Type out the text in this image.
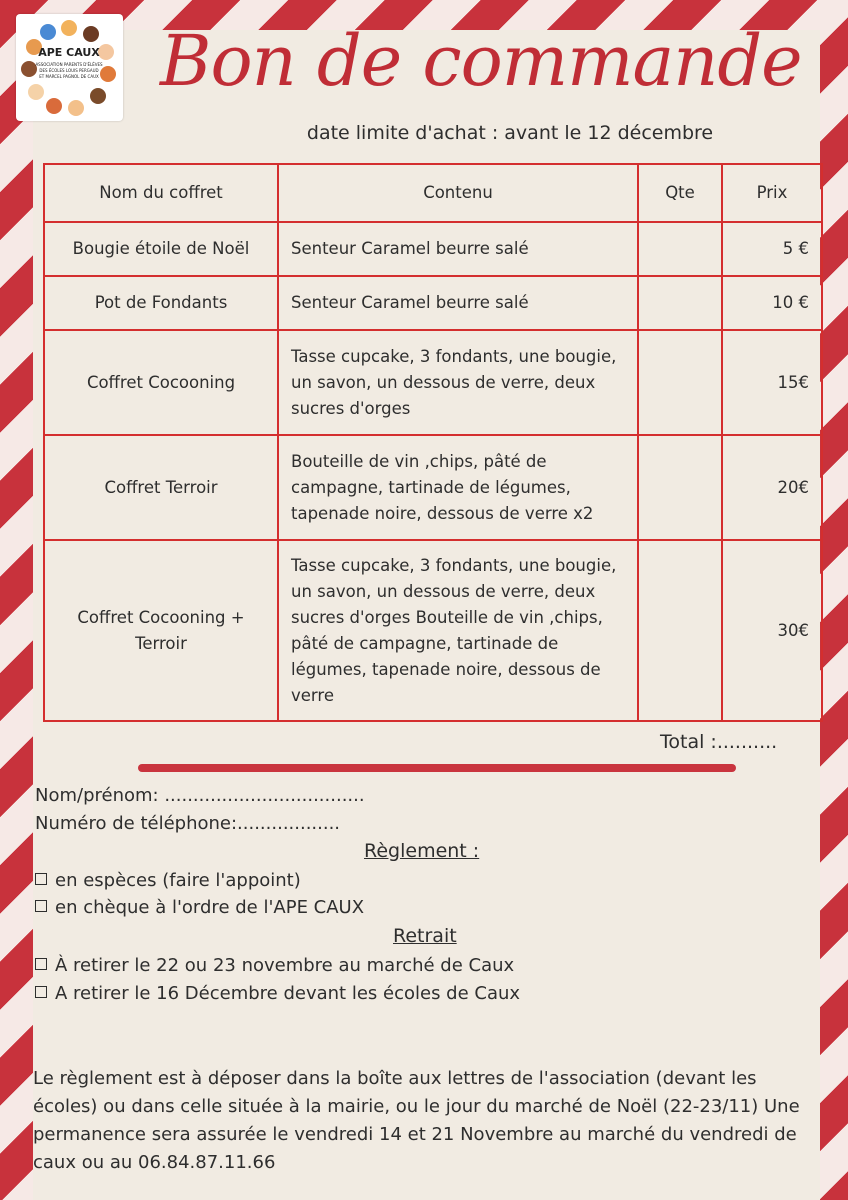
APE CAUX
ASSOCIATION PARENTS D'ÉLÈVES
DES ÉCOLES LOUIS PERGAUD
ET MARCEL PAGNOL DE CAUX Bon de commande
date limite d'achat : avant le 12 décembre
Nom du coffret	Contenu	Qte	Prix
Bougie étoile de Noël	Senteur Caramel beurre salé		5 €
Pot de Fondants	Senteur Caramel beurre salé		10 €
Coffret Cocooning	Tasse cupcake, 3 fondants, une bougie, un savon, un dessous de verre, deux sucres d'orges		15€
Coffret Terroir	Bouteille de vin ,chips, pâté de campagne, tartinade de légumes, tapenade noire, dessous de verre x2		20€
Coffret Cocooning + Terroir	Tasse cupcake, 3 fondants, une bougie, un savon, un dessous de verre, deux sucres d'orges Bouteille de vin ,chips, pâté de campagne, tartinade de légumes, tapenade noire, dessous de verre		30€
Total :..........
Nom/prénom: ...................................
Numéro de téléphone:..................
Règlement :
en espèces (faire l'appoint)
en chèque à l'ordre de l'APE CAUX
Retrait
À retirer le 22 ou 23 novembre au marché de Caux
A retirer le 16 Décembre devant les écoles de Caux
Le règlement est à déposer dans la boîte aux lettres de l'association (devant les écoles) ou dans celle située à la mairie, ou le jour du marché de Noël (22-23/11) Une permanence sera assurée le vendredi 14 et 21 Novembre au marché du vendredi de caux ou au 06.84.87.11.66
